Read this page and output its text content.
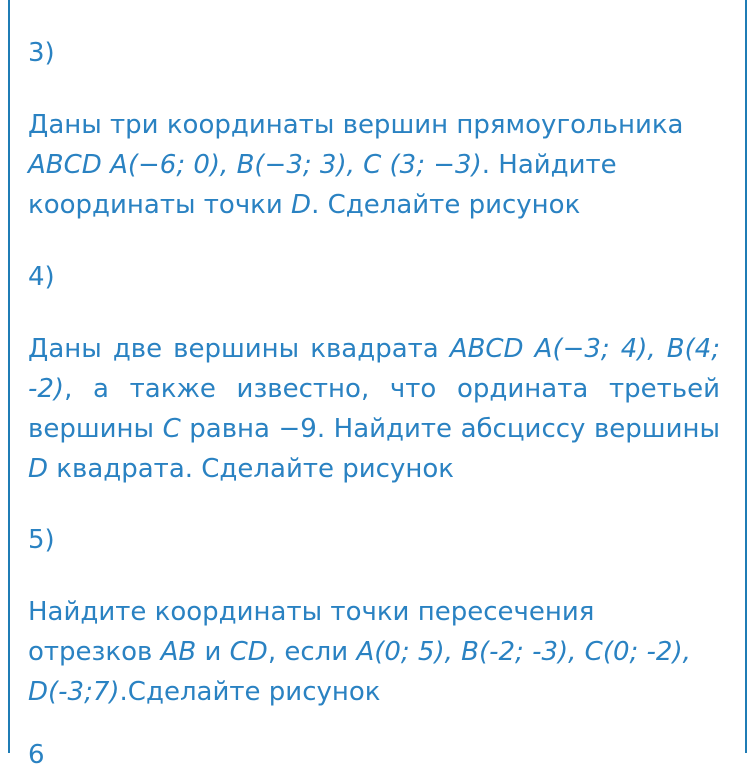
3)

Даны три координаты вершин прямоугольника
ABCD A(−6; 0), B(−3; 3), C (3; −3). Найдите
координаты точки D. Сделайте рисунок

4)

Даны две вершины квадрата ABCD A(−3; 4), B(4; -2), а также известно, что ордината третьей вершины C равна −9. Найдите абсциссу вершины D квадрата. Сделайте рисунок

5)

Найдите координаты точки пересечения
отрезков AB и CD, если A(0; 5), B(-2; -3), C(0; -2), D(-3;7).Сделайте рисунок

6
